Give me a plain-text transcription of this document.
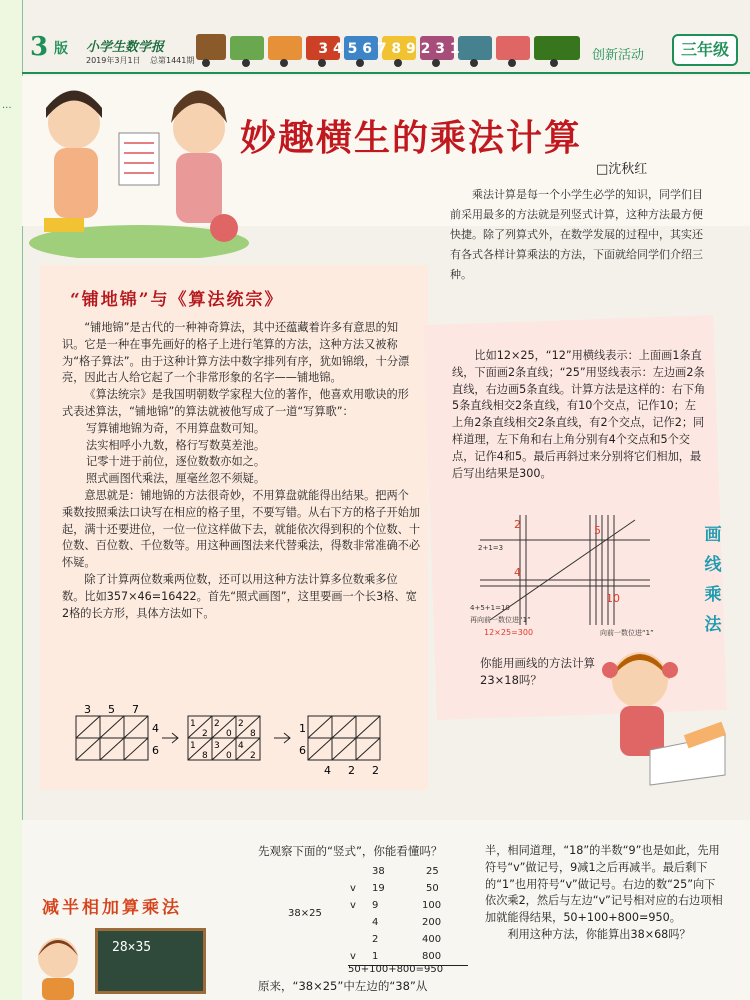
...
3 版 小学生数学报
2019年3月1日 总第1441期
3 4 5 6 7 8 9 2 3 1	创新活动	三年级
妙趣横生的乘法计算
□沈秋红
乘法计算是每一个小学生必学的知识，同学们目前采用最多的方法就是列竖式计算，这种方法最方便快捷。除了列算式外，在数学发展的过程中，其实还有各式各样计算乘法的方法，下面就给同学们介绍三种。
“铺地锦”与《算法统宗》

“铺地锦”是古代的一种神奇算法，其中还蕴藏着许多有意思的知识。它是一种在事先画好的格子上进行笔算的方法，这种方法又被称为“格子算法”。由于这种计算方法中数字排列有序，犹如锦缎，十分漂亮，因此古人给它起了一个非常形象的名字——铺地锦。

《算法统宗》是我国明朝数学家程大位的著作，他喜欢用歌诀的形式表述算法，“铺地锦”的算法就被他写成了一道“写算歌”：

写算铺地锦为奇，不用算盘数可知。

法实相呼小九数，格行写数莫差池。

记零十进于前位，逐位数数亦如之。

照式画图代乘法，厘毫丝忽不须疑。

意思就是：铺地锦的方法很奇妙，不用算盘就能得出结果。把两个乘数按照乘法口诀写在相应的格子里，不要写错。从右下方的格子开始加起，满十还要进位，一位一位这样做下去，就能依次得到积的个位数、十位数、百位数、千位数等。用这种画图法来代替乘法，得数非常准确不必怀疑。

除了计算两位数乘两位数，还可以用这种方法计算多位数乘多位数。比如357×46=16422。首先“照式画图”，这里要画一个长3格、宽2格的长方形，具体方法如下。

3 5 7
4
6
1
2
2
0
2
8
1
8
3
0
4
2
1
6
4 2 2

比如12×25，“12”用横线表示：上面画1条直线，下面画2条直线；“25”用竖线表示：左边画2条直线，右边画5条直线。计算方法是这样的：右下角5条直线相交2条直线，有10个交点，记作10；左上角2条直线相交2条直线，有2个交点，记作2；同样道理，左下角和右上角分别有4个交点和5个交点，记作4和5。最后再斜过来分别将它们相加，最后写出结果是300。

2	5
4
10
2+1=3
4+5+1=10
再向前一数位进“1”
向前一数位进“1”
12×25=300
画
线
乘
法
你能用画线的方法计算23×18吗？
减半相加算乘法
28×35
先观察下面的“竖式”，你能看懂吗？
38×25
38	25
v 19	50
v 9	100
4	200
2	400
v 1	800
50+100+800=950
原来，“38×25”中左边的“38”从

半，相同道理，“18”的半数“9”也是如此，先用符号“v”做记号，9减1之后再减半。最后剩下的“1”也用符号“v”做记号。右边的数“25”向下依次乘2，然后与左边“v”记号相对应的右边项相加就能得结果，50+100+800=950。

利用这种方法，你能算出38×68吗？
